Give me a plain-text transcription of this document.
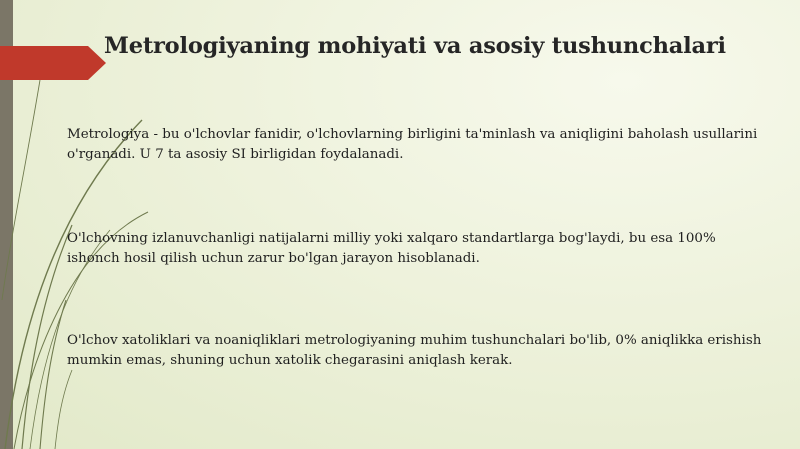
Metrologiyaning mohiyati va asosiy tushunchalari
Metrologiya - bu o'lchovlar fanidir, o'lchovlarning birligini ta'minlash va aniqligini baholash usullarini o'rganadi. U 7 ta asosiy SI birligidan foydalanadi.
O'lchovning izlanuvchanligi natijalarni milliy yoki xalqaro standartlarga bog'laydi, bu esa 100% ishonch hosil qilish uchun zarur bo'lgan jarayon hisoblanadi.
O'lchov xatoliklari va noaniqliklari metrologiyaning muhim tushunchalari bo'lib, 0% aniqlikka erishish mumkin emas, shuning uchun xatolik chegarasini aniqlash kerak.
